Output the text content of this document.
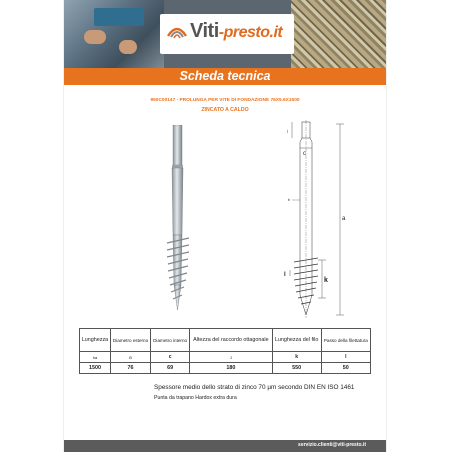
Viti-presto.it
Scheda tecnica
950C00147 - PROLUNGA PER VITE DI FONDAZIONE 76X5.6X1500
ZINCATO A CALDO
c
a
k
l
j
b
Lunghezza	Diametro esterno	Diametro interno	Altezza del raccordo ottagonale	Lunghezza del filo	Passo della filettatura
ha	B	c	J	k	l
1500	76	69	180	550	50
Spessore medio dello strato di zinco 70 µm secondo DIN EN ISO 1461
Punta da trapano Hardox extra dura
servizio.clienti@viti-presto.it
